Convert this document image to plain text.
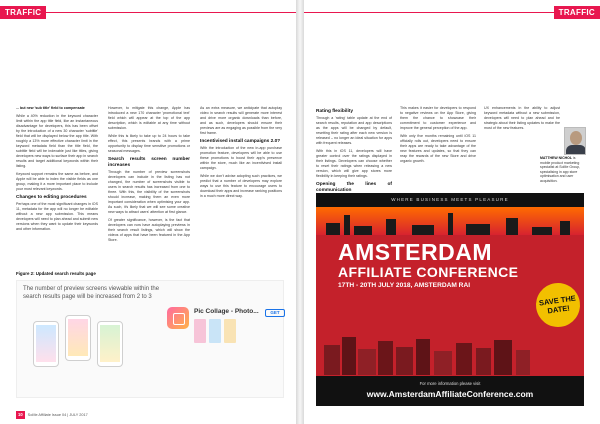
TRAFFIC

... but new 'sub title' field to compensate

While a 40% reduction in the keyword character limit within the app title field, like an instantaneous disadvantage for developers, this has been offset by the introduction of a new 30 character 'subtitle' field that will be displayed below the app title. With roughly a 13% more effective character limit in the keyword metadata field than the title field, the subtitle field will be indexable just like titles, giving developers new ways to surface their app in search results and target additional keywords within their listing.

Keyword support remains the same as before, and Apple will be able to index the visible fields as one group, making it a more important place to include your most relevant keywords.

Changes to editing procedures

Perhaps one of the most significant changes in iOS 11, metadata for the app will no longer be editable without a new app submission. This means developers will need to plan ahead and submit new versions when they want to update their keywords and other information.

However, to mitigate this change, Apple has introduced a new 170 character 'promotional text' field which will appear at the top of the app description, which is editable at any time without submission.

While this is likely to take up to 24 hours to take effect, this presents brands with a prime opportunity to display time sensitive promotions or seasonal messages.

Search results screen number increases

Through the number of preview screenshots developers can include in the listing has not changed, the number of screenshots visible to users in search results has increased from one to three. With this, the visibility of the screenshots should increase, making them an even more important consideration when optimising your app. As such, it's likely that we will see some creative new ways to attract users' attention at first glance.

Of greater significance, however, is the fact that developers can now have autoplaying previews in their search result listings, which will show the videos of apps that have been featured in the App Store.

As an extra measure, we anticipate that autoplay video in search results will generate more interest and drive more organic downloads than before, and as such, developers should ensure their previews are as engaging as possible from the very first frame.

Incentivised install campaigns 2.0?

With the introduction of the new in-app purchase promotion feature, developers will be able to use these promotions to boost their app's presence within the store, much like an incentivised install campaign.

While we don't advise adopting such practices, we predict that a number of developers may explore ways to use this feature to encourage users to download their apps and increase ranking positions in a much more direct way.

Figure 2: Updated search results page
The number of preview screens viewable within the search results page will be increased from 2 to 3
Pic Collage - Photo...	GET
10 SoMe Affiliate Issue 04 | JULY 2017
TRAFFIC

Rating flexibility

Through a 'rating' table update at the end of search results, reputation and app descriptions as the apps will be changed by default, resetting their rating after each new version is released – no longer an ideal situation for apps with frequent releases.

With this in iOS 11, developers will have greater control over the ratings displayed in their listings. Developers can choose whether to reset their ratings when releasing a new version, which will give app stores more flexibility in keeping their ratings.

Opening the lines of communication

This makes it easier for developers to respond to negative reviews on the App Store, giving them the chance to showcase their commitment to customer experience and improve the general perception of the app.

With only five months remaining until iOS 11 officially rolls out, developers need to ensure their apps are ready to take advantage of the new features and updates, so that they can reap the rewards of the new Store and drive organic growth.

UX enhancements in the ability to adjust keyword metadata without a new submission, developers will need to plan ahead and be strategic about their listing updates to make the most of the new features.

MATTHEW NICHOL is mobile product marketing specialist at SoMe Group, specialising in app store optimisation and user acquisition.
WHERE BUSINESS MEETS PLEASURE
AMSTERDAM
AFFILIATE CONFERENCE
17TH - 20TH JULY 2018, AMSTERDAM RAI
SAVE THE DATE!
For more information please visit
www.AmsterdamAffiliateConference.com
